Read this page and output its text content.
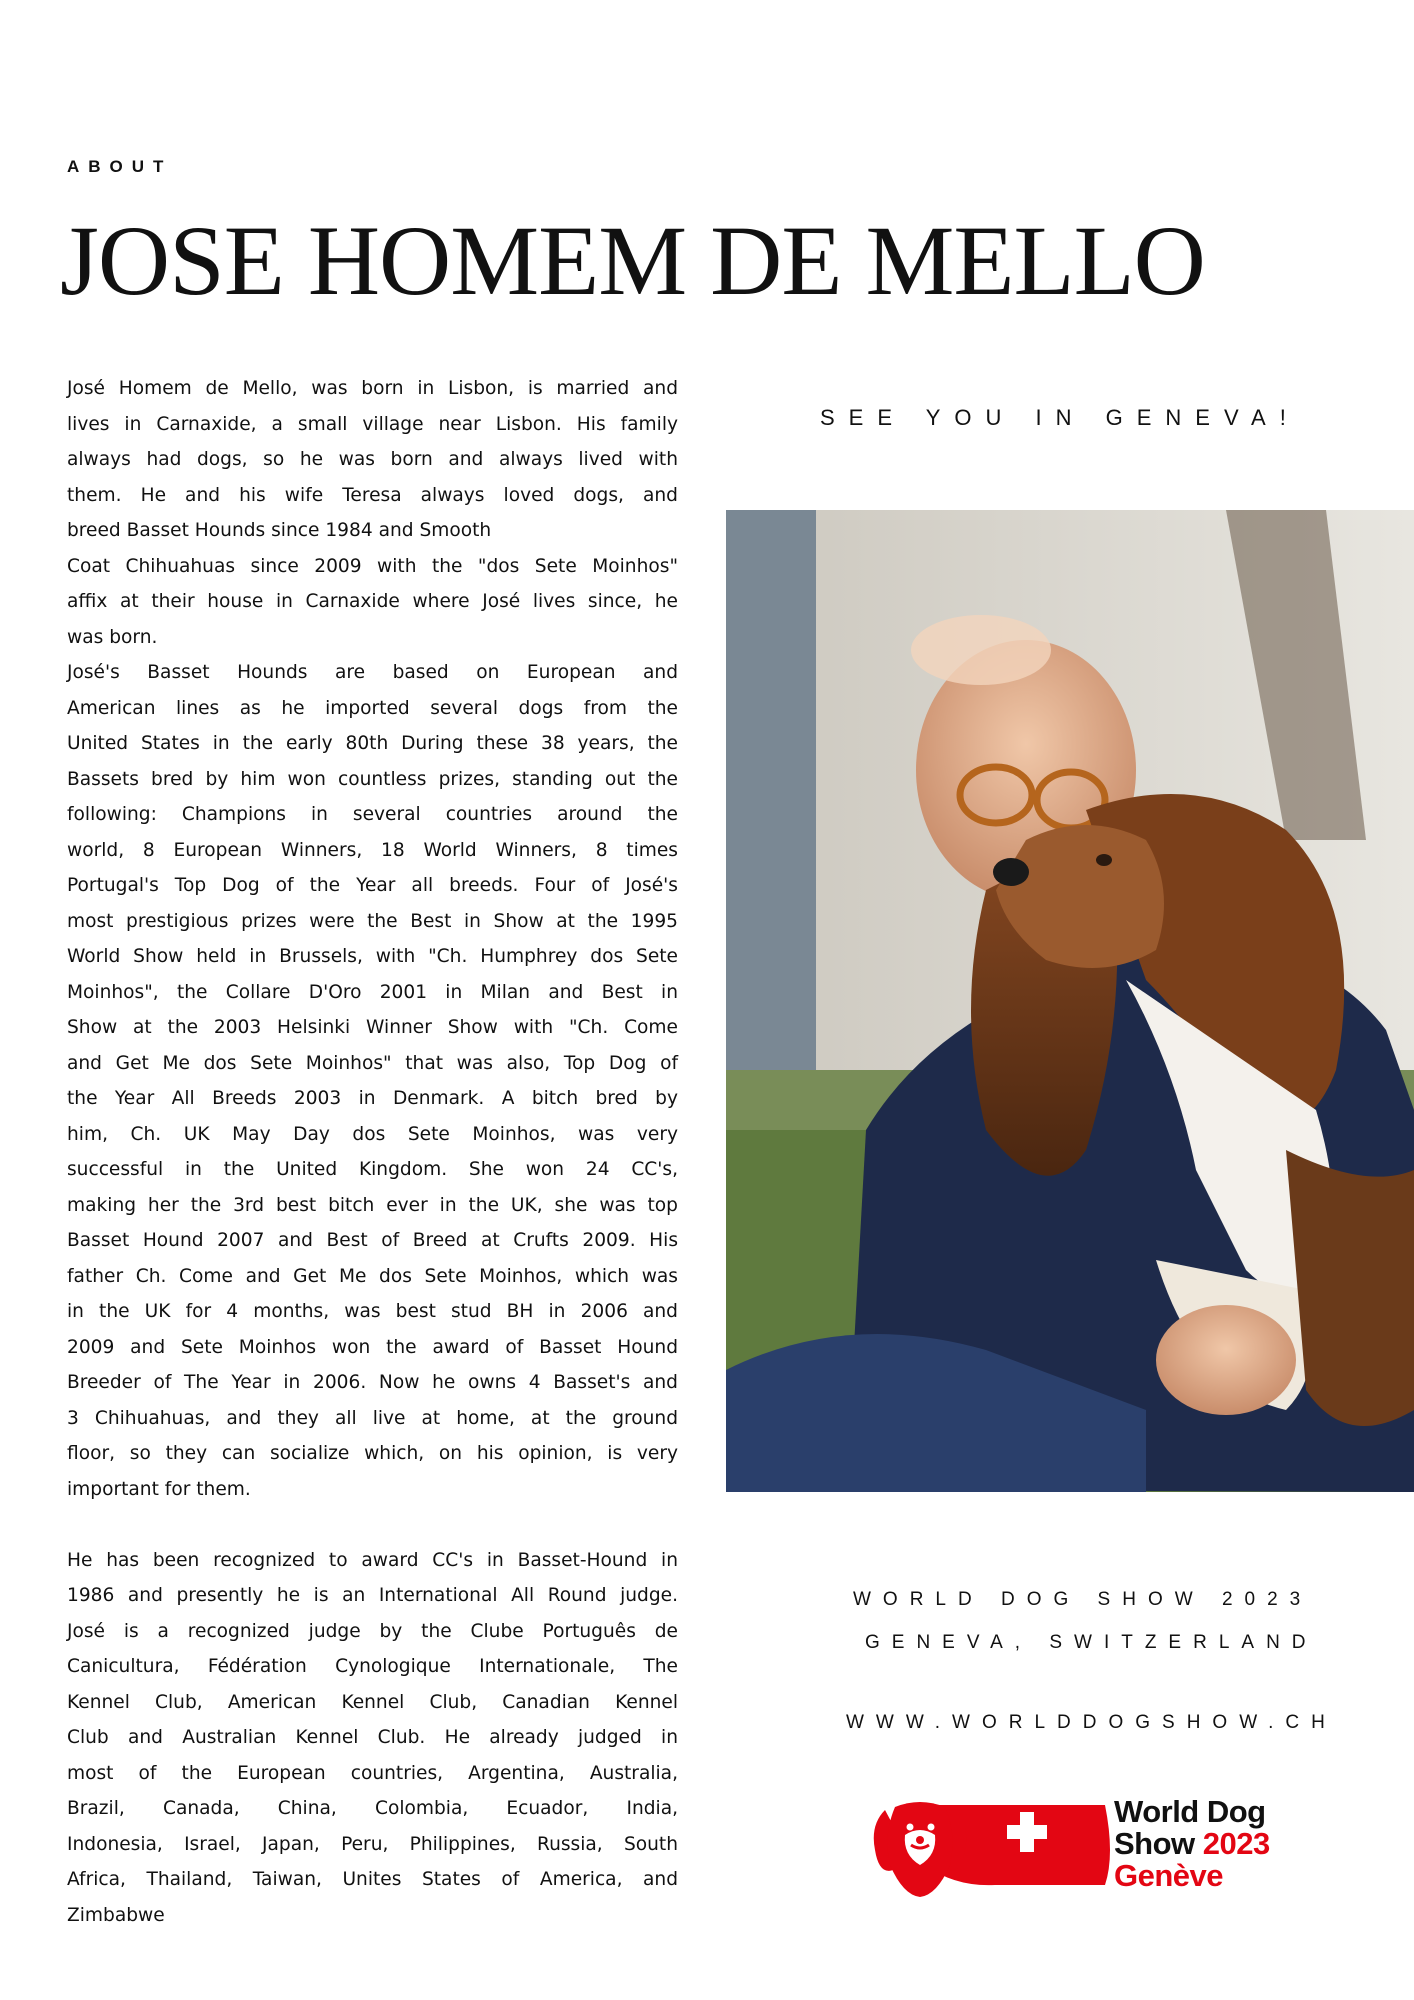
ABOUT
JOSE HOMEM DE MELLO

José Homem de Mello, was born in Lisbon, is married and
lives in Carnaxide, a small village near Lisbon. His family
always had dogs, so he was born and always lived with
them. He and his wife Teresa always loved dogs, and
breed Basset Hounds since 1984 and Smooth
Coat Chihuahuas since 2009 with the "dos Sete Moinhos"
affix at their house in Carnaxide where José lives since, he
was born.
José's Basset Hounds are based on European and
American lines as he imported several dogs from the
United States in the early 80th During these 38 years, the
Bassets bred by him won countless prizes, standing out the
following: Champions in several countries around the
world, 8 European Winners, 18 World Winners, 8 times
Portugal's Top Dog of the Year all breeds. Four of José's
most prestigious prizes were the Best in Show at the 1995
World Show held in Brussels, with "Ch. Humphrey dos Sete
Moinhos", the Collare D'Oro 2001 in Milan and Best in
Show at the 2003 Helsinki Winner Show with "Ch. Come
and Get Me dos Sete Moinhos" that was also, Top Dog of
the Year All Breeds 2003 in Denmark. A bitch bred by
him, Ch. UK May Day dos Sete Moinhos, was very
successful in the United Kingdom. She won 24 CC's,
making her the 3rd best bitch ever in the UK, she was top
Basset Hound 2007 and Best of Breed at Crufts 2009. His
father Ch. Come and Get Me dos Sete Moinhos, which was
in the UK for 4 months, was best stud BH in 2006 and
2009 and Sete Moinhos won the award of Basset Hound
Breeder of The Year in 2006. Now he owns 4 Basset's and
3 Chihuahuas, and they all live at home, at the ground
floor, so they can socialize which, on his opinion, is very
important for them.

He has been recognized to award CC's in Basset-Hound in
1986 and presently he is an International All Round judge.
José is a recognized judge by the Clube Português de
Canicultura, Fédération Cynologique Internationale, The
Kennel Club, American Kennel Club, Canadian Kennel
Club and Australian Kennel Club. He already judged in
most of the European countries, Argentina, Australia,
Brazil, Canada, China, Colombia, Ecuador, India,
Indonesia, Israel, Japan, Peru, Philippines, Russia, South
Africa, Thailand, Taiwan, Unites States of America, and
Zimbabwe

SEE YOU IN GENEVA!
WORLD DOG SHOW 2023
GENEVA, SWITZERLAND
WWW.WORLDDOGSHOW.CH
World Dog
Show 2023
Genève
